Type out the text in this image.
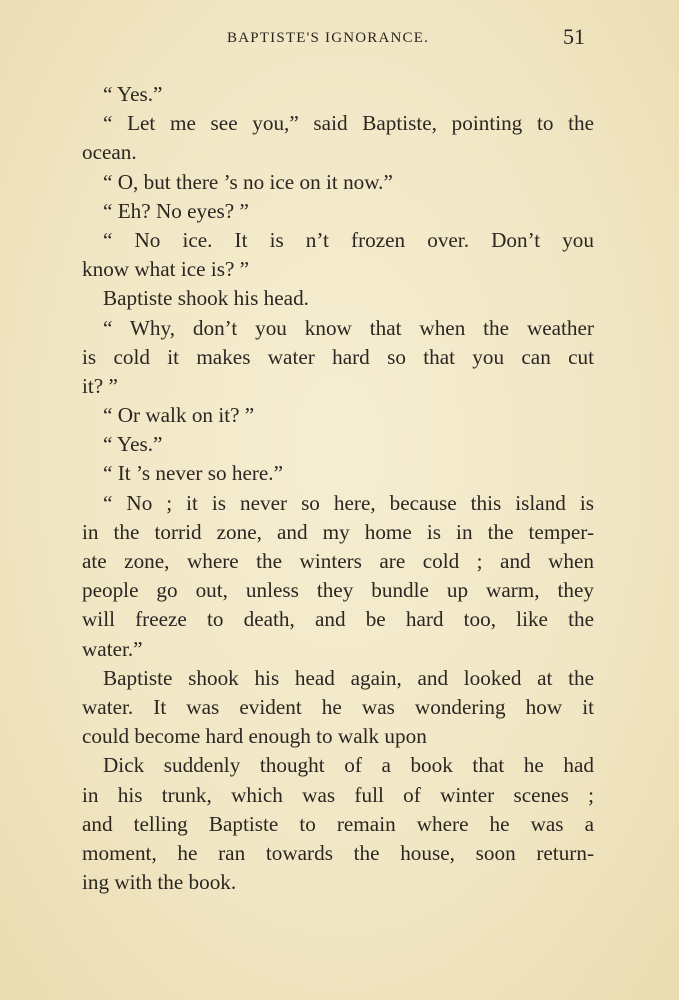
BAPTISTE'S IGNORANCE.	51
“ Yes.”
“ Let me see you,” said Baptiste, pointing to the
ocean.
“ O, but there ’s no ice on it now.”
“ Eh? No eyes? ”
“ No ice. It is n’t frozen over. Don’t you
know what ice is? ”
Baptiste shook his head.
“ Why, don’t you know that when the weather
is cold it makes water hard so that you can cut
it? ”
“ Or walk on it? ”
“ Yes.”
“ It ’s never so here.”
“ No ; it is never so here, because this island is
in the torrid zone, and my home is in the temper-
ate zone, where the winters are cold ; and when
people go out, unless they bundle up warm, they
will freeze to death, and be hard too, like the
water.”
Baptiste shook his head again, and looked at the
water. It was evident he was wondering how it
could become hard enough to walk upon
Dick suddenly thought of a book that he had
in his trunk, which was full of winter scenes ;
and telling Baptiste to remain where he was a
moment, he ran towards the house, soon return-
ing with the book.
